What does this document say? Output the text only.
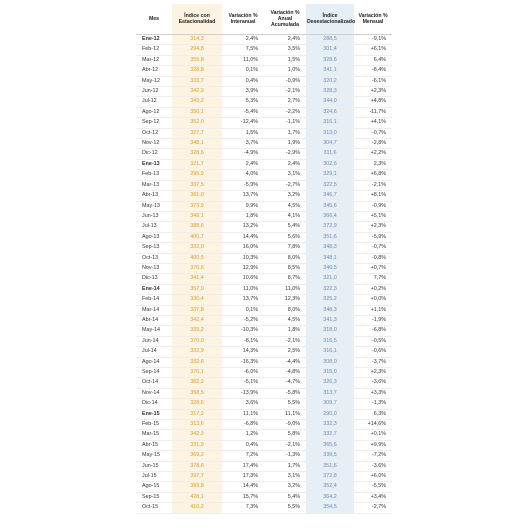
Mes	Índice con Estacionalidad	Variación % Interanual	Variación % Anual Acumulada	Índice Desestacionalizado	Variación % Mensual
Ene-12	314,3	2,4%	2,4%	288,5	-9,1%
Feb-12	294,8	7,5%	3,5%	301,4	+6,1%
Mar-12	355,8	11,0%	1,5%	328,6	6,4%
Abr-12	328,8	0,1%	1,0%	341,1	-8,4%
May-12	333,7	0,4%	-0,9%	320,2	-6,1%
Jun-12	342,9	3,9%	-2,1%	328,3	+2,3%
Jul-12	343,2	5,3%	2,7%	344,0	+4,8%
Ago-12	350,1	-5,4%	-2,2%	324,6	-11,7%
Sep-12	352,0	-12,4%	-1,1%	316,1	+4,1%
Oct-12	327,7	1,5%	1,7%	313,0	-0,7%
Nov-12	348,1	3,7%	1,9%	304,7	-2,8%
Dic-12	328,6	-4,9%	-2,9%	311,6	+2,2%
Ene-13	321,7	2,4%	2,4%	302,6	2,3%
Feb-13	295,9	4,0%	3,1%	329,1	+6,8%
Mar-13	337,5	-5,9%	-2,7%	322,5	-2,1%
Abr-13	361,0	13,7%	3,2%	346,7	+8,1%
May-13	373,9	9,9%	4,5%	345,6	-0,9%
Jun-13	349,1	1,8%	4,1%	366,4	+5,1%
Jul-13	388,6	13,2%	5,4%	372,9	+2,3%
Ago-13	400,7	14,4%	5,6%	351,6	-5,9%
Sep-13	332,0	16,0%	7,8%	348,3	-0,7%
Oct-13	400,5	10,3%	8,0%	348,1	-0,8%
Nov-13	370,6	12,9%	8,5%	346,5	+0,7%
Dic-13	341,4	10,6%	8,7%	321,0	7,7%
Ene-14	357,0	11,0%	11,0%	322,3	+0,2%
Feb-14	330,4	13,7%	12,3%	325,2	+0,0%
Mar-14	337,8	0,1%	8,0%	348,3	+1,1%
Abr-14	342,4	-5,2%	4,5%	341,3	-1,9%
May-14	339,2	-10,3%	1,8%	318,0	-6,8%
Jun-14	370,0	-8,1%	-2,1%	316,5	-0,5%
Jul-14	332,9	14,3%	2,5%	316,1	-0,6%
Ago-14	332,6	-16,3%	-4,4%	308,0	-3,7%
Sep-14	370,1	-6,0%	-4,8%	315,0	+2,3%
Oct-14	382,2	-5,1%	-4,7%	326,3	-3,6%
Nov-14	358,5	-13,9%	-5,8%	313,7	+3,3%
Dic-14	328,6	3,6%	5,5%	309,7	-1,3%
Ene-15	317,2	11,1%	11,1%	290,0	6,3%
Feb-15	313,6	-6,8%	-9,0%	332,3	+14,6%
Mar-15	342,3	1,2%	5,8%	332,7	+0,1%
Abr-15	331,9	0,4%	-2,1%	365,6	+9,9%
May-15	369,2	7,2%	-1,3%	339,5	-7,2%
Jun-15	378,6	17,4%	1,7%	351,6	-3,6%
Jul-15	397,7	17,3%	3,1%	372,8	+6,0%
Ago-15	383,8	14,4%	3,2%	352,4	-5,5%
Sep-15	428,1	15,7%	5,4%	364,2	+3,4%
Oct-15	410,2	7,3%	5,5%	354,5	-2,7%
